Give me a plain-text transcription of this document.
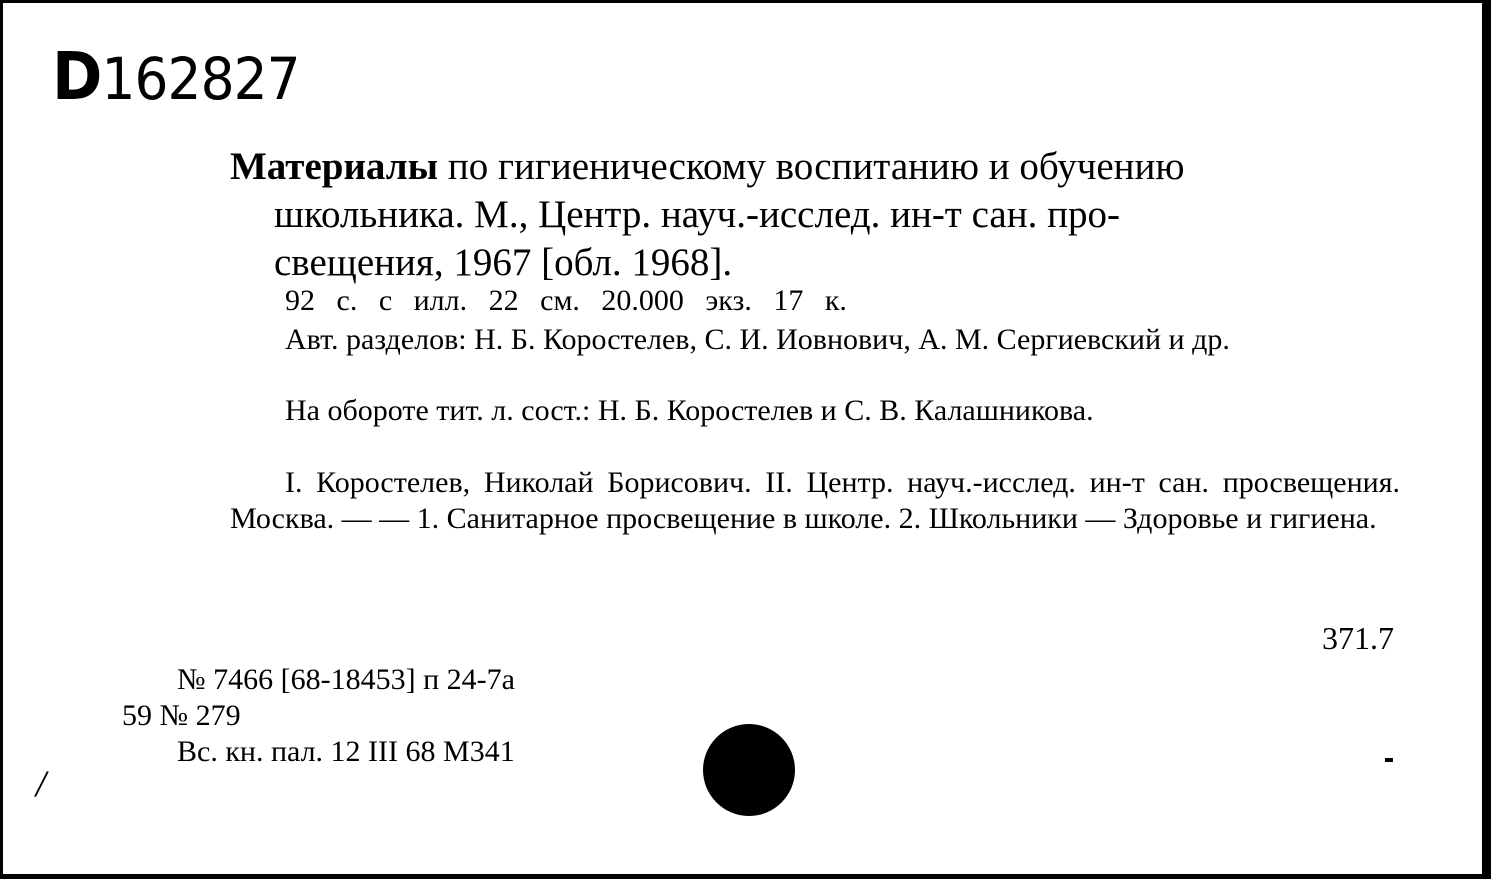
D162827
Материалы по гигиеническому воспитанию и обучению
школьника. М., Центр. науч.-исслед. ин-т сан. про-
свещения, 1967 [обл. 1968].
92 с. с илл. 22 см. 20.000 экз. 17 к.
Авт. разделов: Н. Б. Коростелев, С. И. Иовнович, А. М. Сергиевский и др.
На обороте тит. л. сост.: Н. Б. Коростелев и С. В. Калашникова.
I. Коростелев, Николай Борисович. II. Центр. науч.-исслед. ин-т сан. просвещения. Москва. — — 1. Санитарное просвещение в школе. 2. Школьники — Здоровье и гигиена.
371.7
№ 7466 [68-18453] п 24-7а
59 № 279
Вс. кн. пал. 12 III 68 М341
/
